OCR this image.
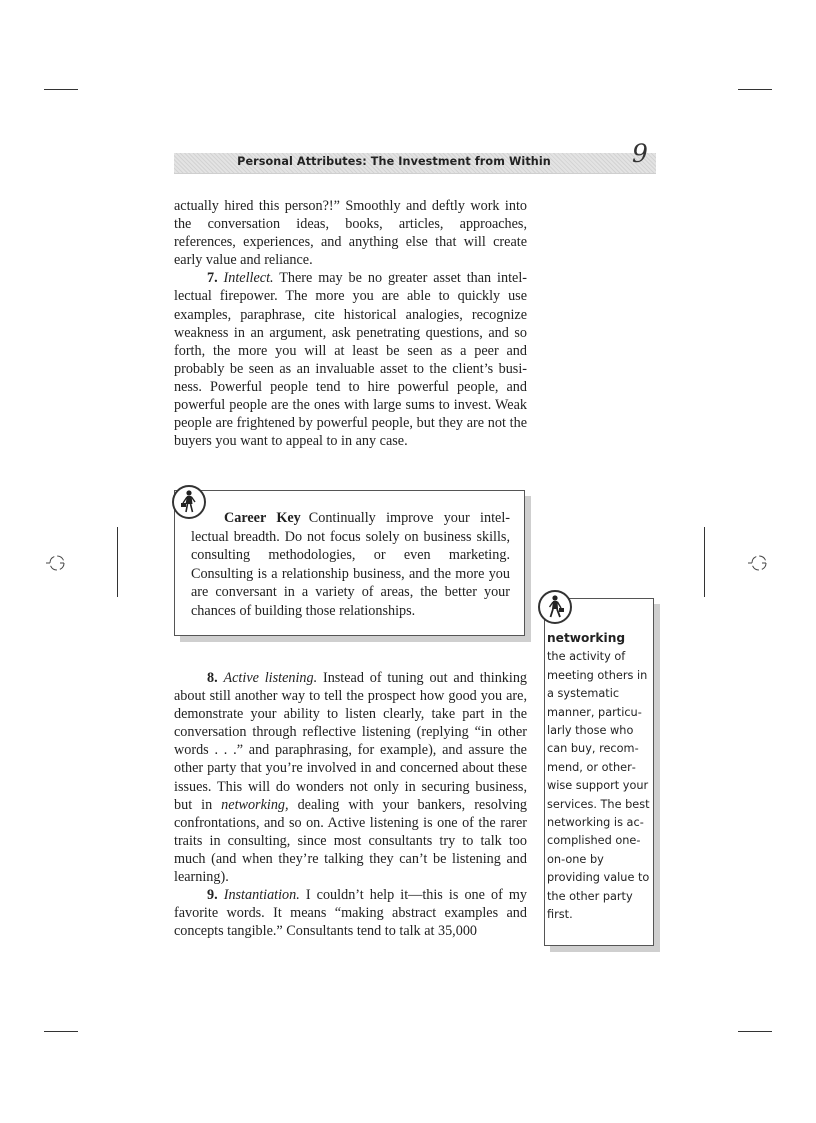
Personal Attributes: The Investment from Within	9

actually hired this person?!” Smoothly and deftly work into the conversation ideas, books, articles, approaches, references, experiences, and anything else that will create early value and reliance.

7. Intellect. There may be no greater asset than intellectual firepower. The more you are able to quickly use examples, paraphrase, cite historical analogies, recognize weakness in an argument, ask penetrating questions, and so forth, the more you will at least be seen as a peer and probably be seen as an invaluable asset to the client’s business. Powerful people tend to hire powerful people, and powerful people are the ones with large sums to invest. Weak people are frightened by powerful people, but they are not the buyers you want to appeal to in any case.

Career Key Continually improve your intellectual breadth. Do not focus solely on business skills, consulting methodologies, or even marketing. Consulting is a relationship business, and the more you are conversant in a variety of areas, the better your chances of building those relationships.

8. Active listening. Instead of tuning out and thinking about still another way to tell the prospect how good you are, demonstrate your ability to listen clearly, take part in the conversation through reflective listening (replying “in other words . . .” and paraphrasing, for example), and assure the other party that you’re involved in and concerned about these issues. This will do wonders not only in securing business, but in networking, dealing with your bankers, resolving confrontations, and so on. Active listening is one of the rarer traits in consulting, since most consultants try to talk too much (and when they’re talking they can’t be listening and learning).

9. Instantiation. I couldn’t help it—this is one of my favorite words. It means “making abstract examples and concepts tangible.” Consultants tend to talk at 35,000

networking
the activity of meeting others in a systematic manner, particularly those who can buy, recommend, or otherwise support your services. The best networking is accomplished one-on-one by providing value to the other party first.
